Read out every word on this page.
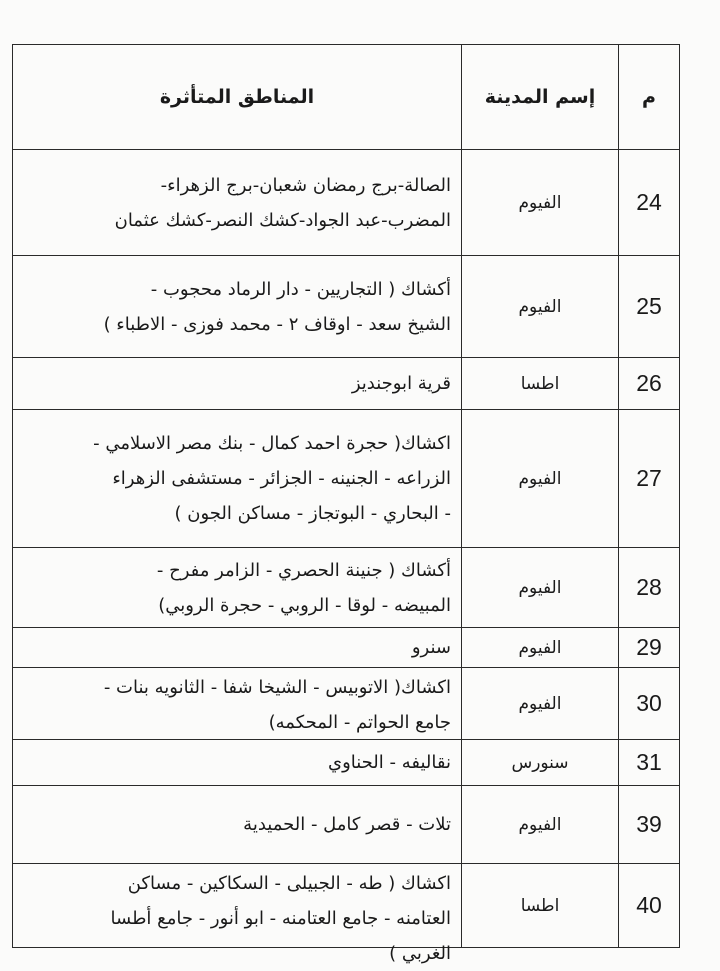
م	إسم المدينة	المناطق المتأثرة
24	الفيوم	الصالة-برج رمضان شعبان-برج الزهراء-
المضرب-عبد الجواد-كشك النصر-كشك عثمان

25	الفيوم	أكشاك ( التجاريين - دار الرماد محجوب -
الشيخ سعد - اوقاف ٢ - محمد فوزى - الاطباء )

26	اطسا	قرية ابوجنديز

27	الفيوم	اكشاك( حجرة احمد كمال - بنك مصر الاسلامي -
الزراعه - الجنينه - الجزائر - مستشفى الزهراء
- البحاري - البوتجاز - مساكن الجون )

28	الفيوم	أكشاك ( جنينة الحصري - الزامر مفرح -
المبيضه - لوقا - الروبي - حجرة الروبي)

29	الفيوم	سنرو

30	الفيوم	اكشاك( الاتوبيس - الشيخا شفا - الثانويه بنات -
جامع الحواتم - المحكمه)

31	سنورس	نقاليفه - الحناوي

39	الفيوم	تلات - قصر كامل - الحميدية

40	اطسا	اكشاك ( طه - الجبيلى - السكاكين - مساكن
العتامنه - جامع العتامنه - ابو أنور - جامع أطسا
الغربي )
